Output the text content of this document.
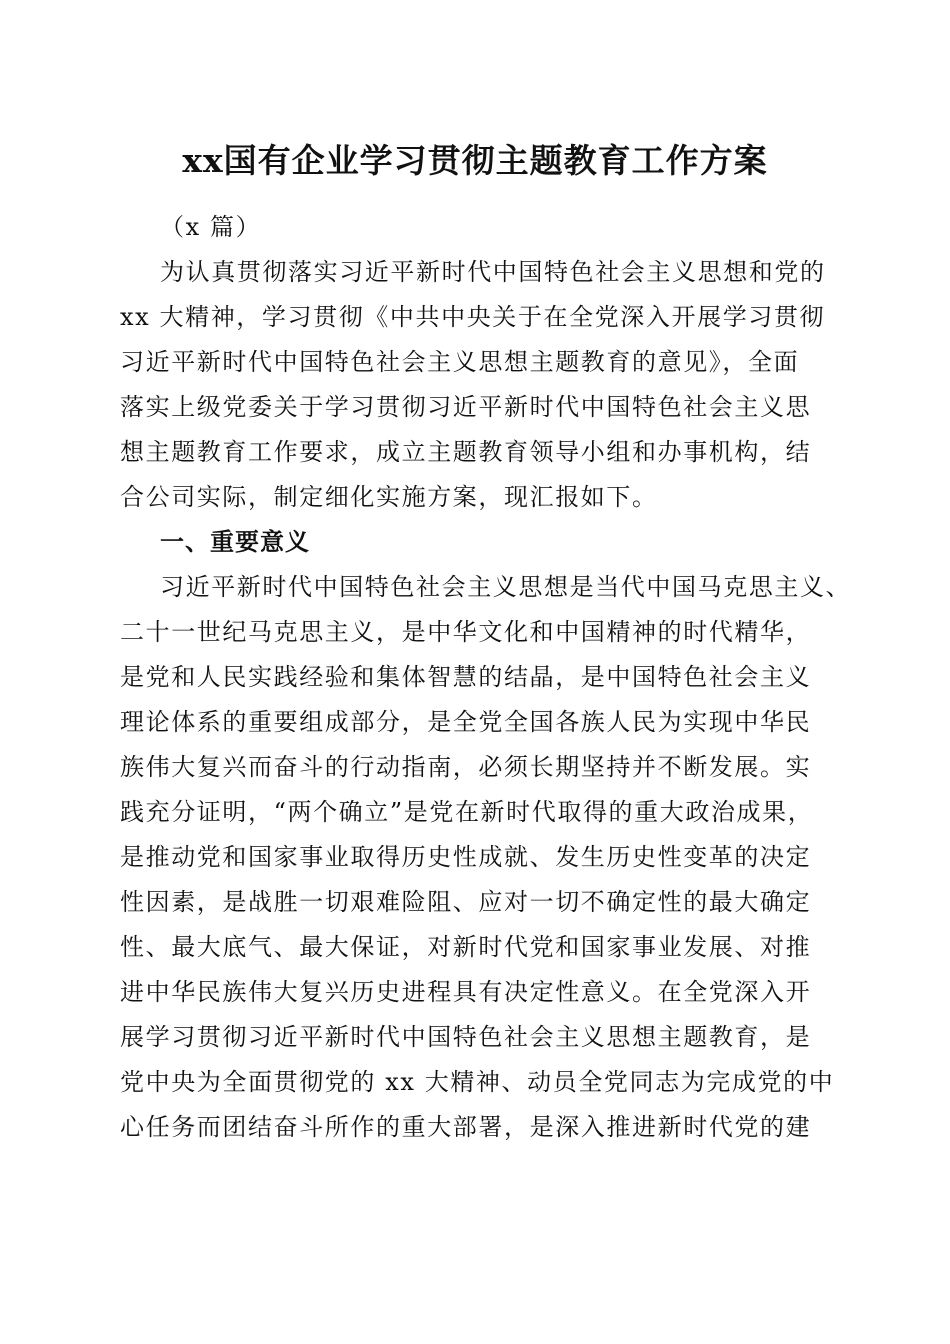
xx国有企业学习贯彻主题教育工作方案
（x 篇）
为认真贯彻落实习近平新时代中国特色社会主义思想和党的
xx 大精神，学习贯彻《中共中央关于在全党深入开展学习贯彻
习近平新时代中国特色社会主义思想主题教育的意见》，全面
落实上级党委关于学习贯彻习近平新时代中国特色社会主义思
想主题教育工作要求，成立主题教育领导小组和办事机构，结
合公司实际，制定细化实施方案，现汇报如下。
一、重要意义
习近平新时代中国特色社会主义思想是当代中国马克思主义、
二十一世纪马克思主义，是中华文化和中国精神的时代精华，
是党和人民实践经验和集体智慧的结晶，是中国特色社会主义
理论体系的重要组成部分，是全党全国各族人民为实现中华民
族伟大复兴而奋斗的行动指南，必须长期坚持并不断发展。实
践充分证明，“两个确立”是党在新时代取得的重大政治成果，
是推动党和国家事业取得历史性成就、发生历史性变革的决定
性因素，是战胜一切艰难险阻、应对一切不确定性的最大确定
性、最大底气、最大保证，对新时代党和国家事业发展、对推
进中华民族伟大复兴历史进程具有决定性意义。在全党深入开
展学习贯彻习近平新时代中国特色社会主义思想主题教育，是
党中央为全面贯彻党的 xx 大精神、动员全党同志为完成党的中
心任务而团结奋斗所作的重大部署，是深入推进新时代党的建
